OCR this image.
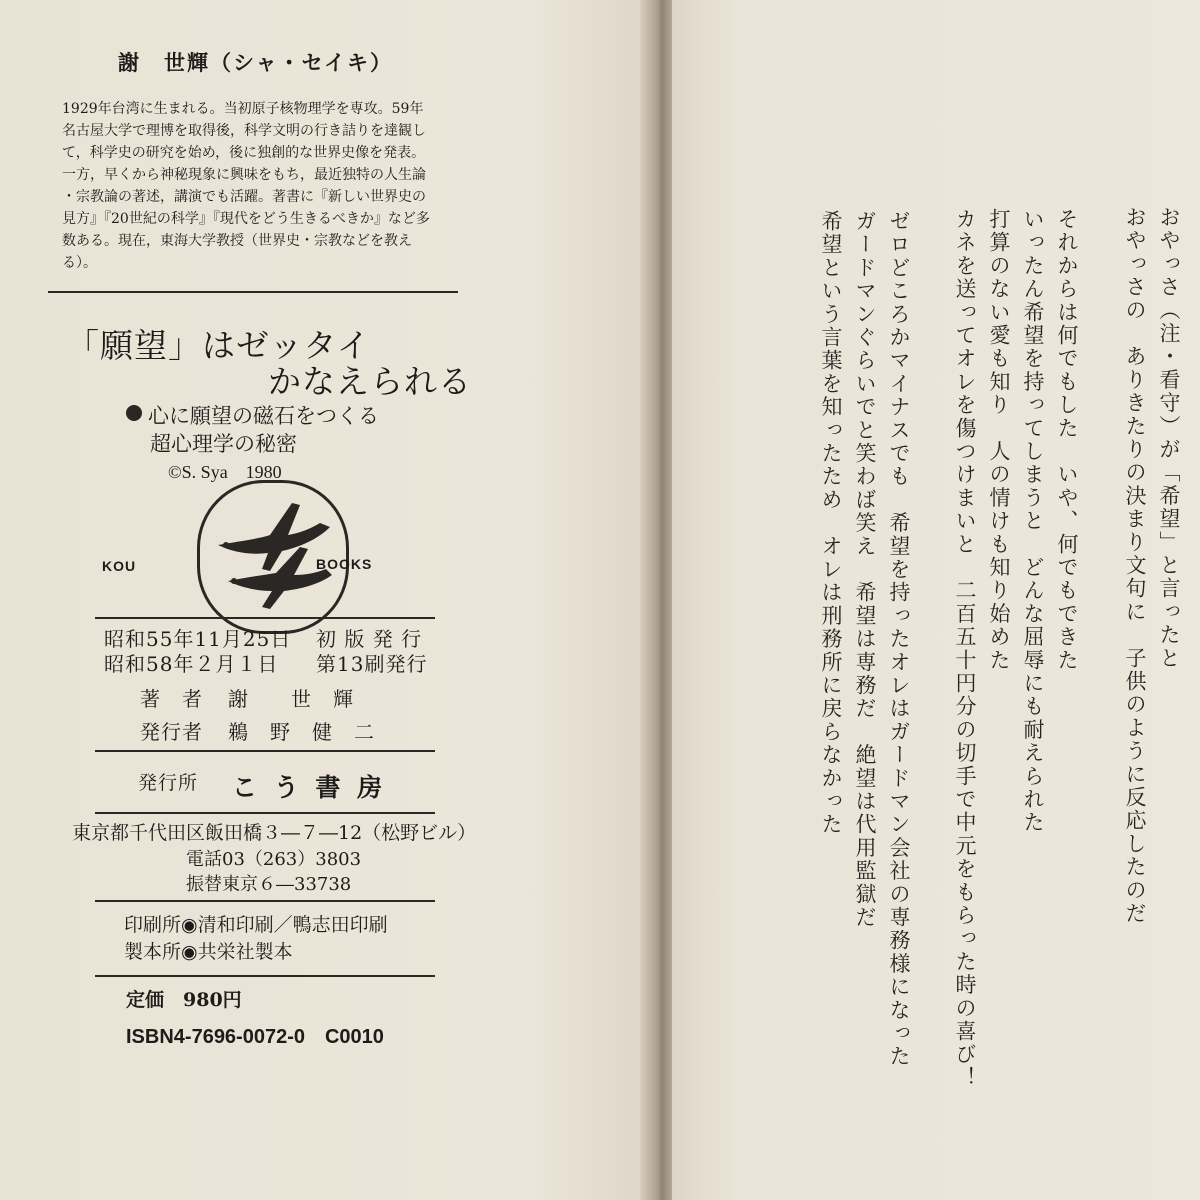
謝　世輝（シャ・セイキ）
1929年台湾に生まれる。当初原子核物理学を専攻。59年
名古屋大学で理博を取得後，科学文明の行き詰りを達観し
て，科学史の研究を始め，後に独創的な世界史像を発表。
一方，早くから神秘現象に興味をもち，最近独特の人生論
・宗教論の著述，講演でも活躍。著書に『新しい世界史の
見方』『20世紀の科学』『現代をどう生きるべきか』など多
数ある。現在，東海大学教授（世界史・宗教などを教え
る）。
「願望」はゼッタイ
かなえられる
心に願望の磁石をつくる
超心理学の秘密
©S. Sya　1980
KOU	BOOKS
昭和55年11月25日 初 版 発 行
昭和58年２月１日 第13刷発行
著　者 謝　　世　輝
発行者 鵜　野　健　二
発行所 こ う 書 房
東京都千代田区飯田橋３―７―12（松野ビル）
電話03（263）3803
振替東京６―33738
印刷所◉清和印刷／鴨志田印刷
製本所◉共栄社製本
定価　980円
ISBN4-7696-0072-0　C0010
おやっさ（注・看守）が「希望」と言ったと
おやっさの　ありきたりの決まり文句に　子供のように反応したのだ
それからは何でもした　いや、何でもできた
いったん希望を持ってしまうと　どんな屈辱にも耐えられた
打算のない愛も知り　人の情けも知り始めた
カネを送ってオレを傷つけまいと　二百五十円分の切手で中元をもらった時の喜び！
ゼロどころかマイナスでも　希望を持ったオレはガードマン会社の専務様になった
ガードマンぐらいでと笑わば笑え　希望は専務だ　絶望は代用監獄だ
希望という言葉を知ったため　オレは刑務所に戻らなかった
